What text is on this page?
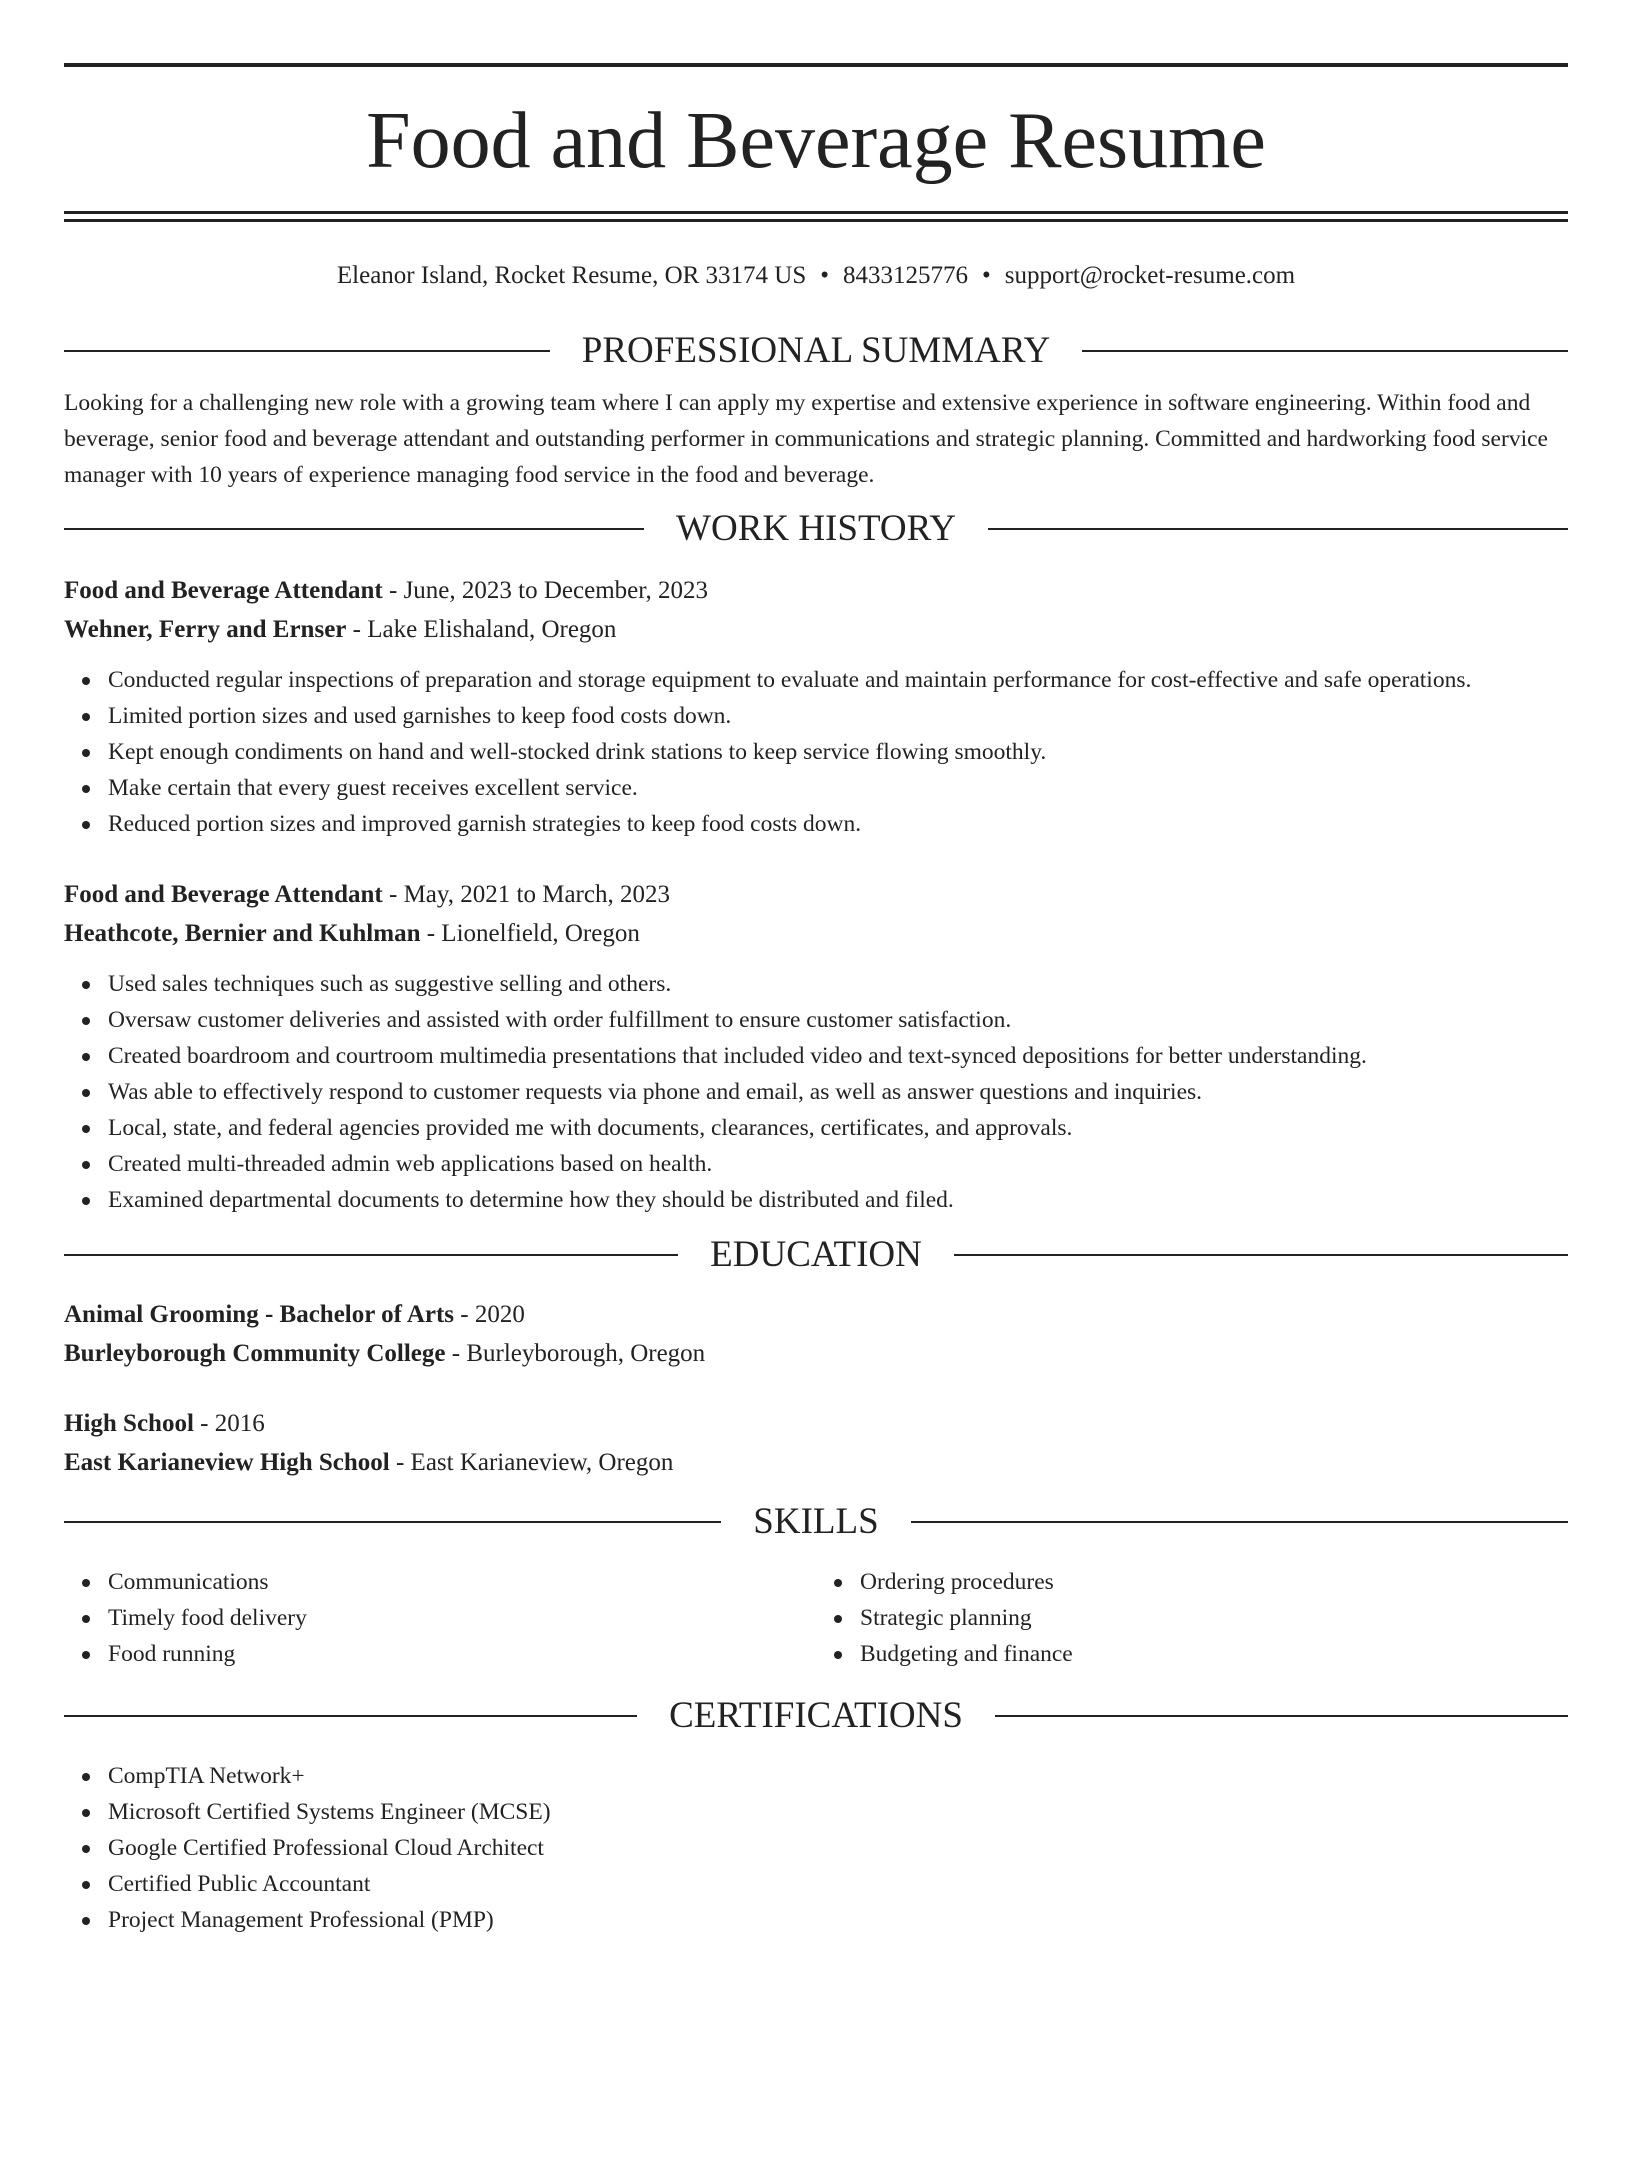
Food and Beverage Resume
Eleanor Island, Rocket Resume, OR 33174 US • 8433125776 • support@rocket-resume.com
PROFESSIONAL SUMMARY

Looking for a challenging new role with a growing team where I can apply my expertise and extensive experience in software engineering. Within food and beverage, senior food and beverage attendant and outstanding performer in communications and strategic planning. Committed and hardworking food service manager with 10 years of experience managing food service in the food and beverage.

WORK HISTORY
Food and Beverage Attendant - June, 2023 to December, 2023
Wehner, Ferry and Ernser - Lake Elishaland, Oregon
Conducted regular inspections of preparation and storage equipment to evaluate and maintain performance for cost-effective and safe operations.
Limited portion sizes and used garnishes to keep food costs down.
Kept enough condiments on hand and well-stocked drink stations to keep service flowing smoothly.
Make certain that every guest receives excellent service.
Reduced portion sizes and improved garnish strategies to keep food costs down.
Food and Beverage Attendant - May, 2021 to March, 2023
Heathcote, Bernier and Kuhlman - Lionelfield, Oregon
Used sales techniques such as suggestive selling and others.
Oversaw customer deliveries and assisted with order fulfillment to ensure customer satisfaction.
Created boardroom and courtroom multimedia presentations that included video and text-synced depositions for better understanding.
Was able to effectively respond to customer requests via phone and email, as well as answer questions and inquiries.
Local, state, and federal agencies provided me with documents, clearances, certificates, and approvals.
Created multi-threaded admin web applications based on health.
Examined departmental documents to determine how they should be distributed and filed.
EDUCATION
Animal Grooming - Bachelor of Arts - 2020
Burleyborough Community College - Burleyborough, Oregon
High School - 2016
East Karianeview High School - East Karianeview, Oregon
SKILLS
Communications
Timely food delivery
Food running
Ordering procedures
Strategic planning
Budgeting and finance
CERTIFICATIONS
CompTIA Network+
Microsoft Certified Systems Engineer (MCSE)
Google Certified Professional Cloud Architect
Certified Public Accountant
Project Management Professional (PMP)
